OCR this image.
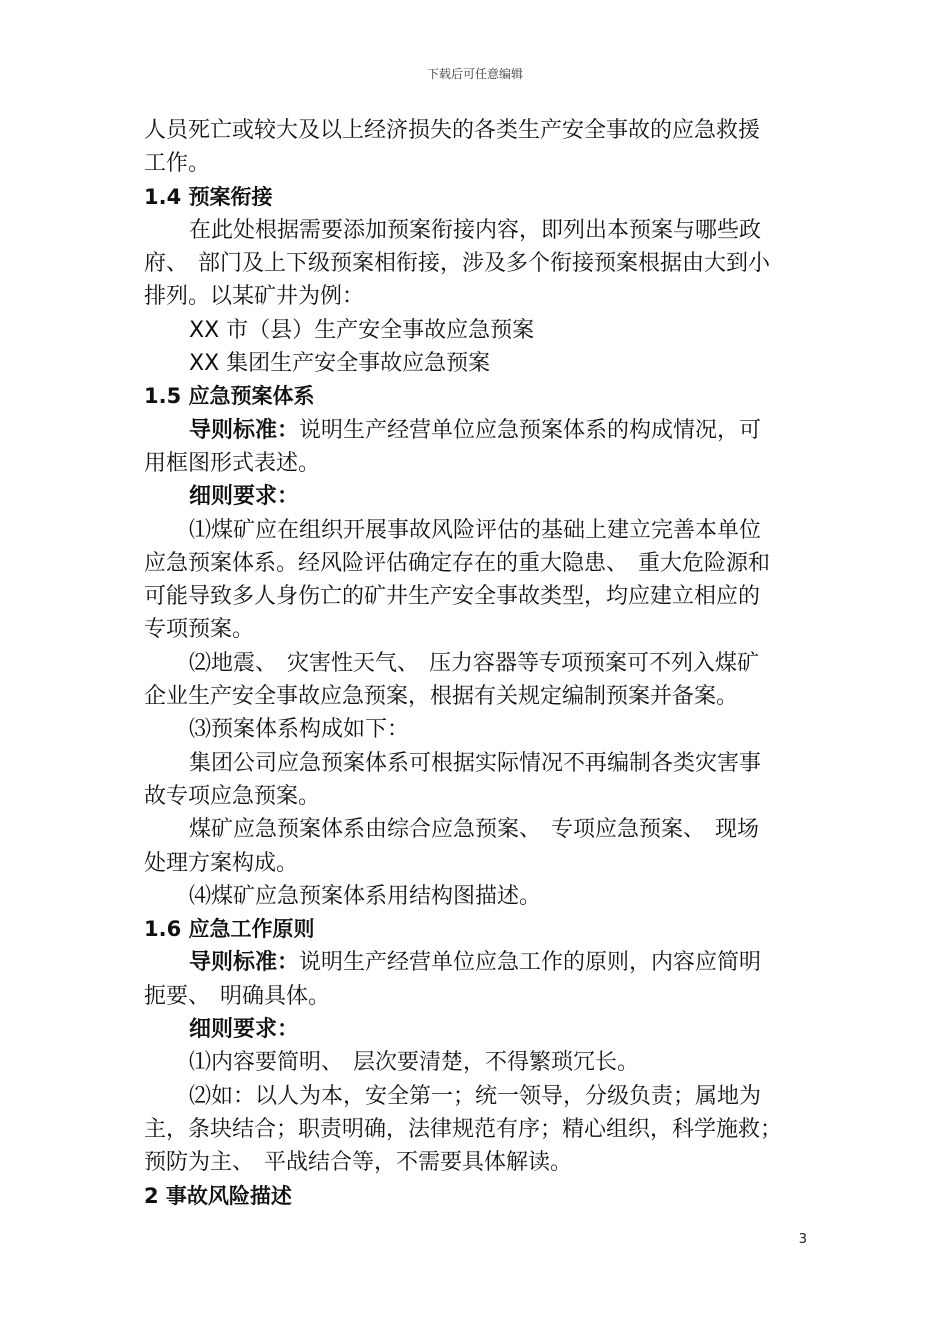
下载后可任意编辑
人员死亡或较大及以上经济损失的各类生产安全事故的应急救援
工作。
1.4 预案衔接
在此处根据需要添加预案衔接内容，即列出本预案与哪些政
府、 部门及上下级预案相衔接，涉及多个衔接预案根据由大到小
排列。以某矿井为例：
XX 市（县）生产安全事故应急预案
XX 集团生产安全事故应急预案
1.5 应急预案体系
导则标准：说明生产经营单位应急预案体系的构成情况，可
用框图形式表述。
细则要求：
⑴煤矿应在组织开展事故风险评估的基础上建立完善本单位
应急预案体系。经风险评估确定存在的重大隐患、 重大危险源和
可能导致多人身伤亡的矿井生产安全事故类型，均应建立相应的
专项预案。
⑵地震、 灾害性天气、 压力容器等专项预案可不列入煤矿
企业生产安全事故应急预案，根据有关规定编制预案并备案。
⑶预案体系构成如下：
集团公司应急预案体系可根据实际情况不再编制各类灾害事
故专项应急预案。
煤矿应急预案体系由综合应急预案、 专项应急预案、 现场
处理方案构成。
⑷煤矿应急预案体系用结构图描述。
1.6 应急工作原则
导则标准：说明生产经营单位应急工作的原则，内容应简明
扼要、 明确具体。
细则要求：
⑴内容要简明、 层次要清楚，不得繁琐冗长。
⑵如：以人为本，安全第一；统一领导，分级负责；属地为
主，条块结合；职责明确，法律规范有序；精心组织，科学施救；
预防为主、 平战结合等，不需要具体解读。
2 事故风险描述
3
